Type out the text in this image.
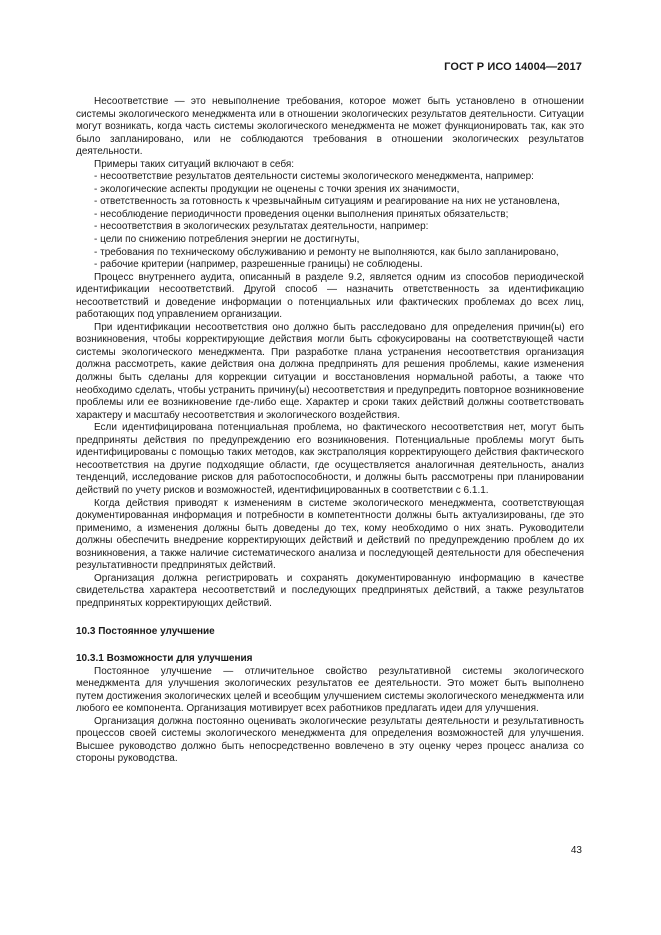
ГОСТ Р ИСО 14004—2017

Несоответствие — это невыполнение требования, которое может быть установлено в отношении системы экологического менеджмента или в отношении экологических результатов деятельности. Ситуации могут возникать, когда часть системы экологического менеджмента не может функционировать так, как это было запланировано, или не соблюдаются требования в отношении экологических результатов деятельности.

Примеры таких ситуаций включают в себя:

- несоответствие результатов деятельности системы экологического менеджмента, например:

- экологические аспекты продукции не оценены с точки зрения их значимости,

- ответственность за готовность к чрезвычайным ситуациям и реагирование на них не установлена,

- несоблюдение периодичности проведения оценки выполнения принятых обязательств;

- несоответствия в экологических результатах деятельности, например:

- цели по снижению потребления энергии не достигнуты,

- требования по техническому обслуживанию и ремонту не выполняются, как было запланировано,

- рабочие критерии (например, разрешенные границы) не соблюдены.

Процесс внутреннего аудита, описанный в разделе 9.2, является одним из способов периодической идентификации несоответствий. Другой способ — назначить ответственность за идентификацию несоответствий и доведение информации о потенциальных или фактических проблемах до всех лиц, работающих под управлением организации.

При идентификации несоответствия оно должно быть расследовано для определения причин(ы) его возникновения, чтобы корректирующие действия могли быть сфокусированы на соответствующей части системы экологического менеджмента. При разработке плана устранения несоответствия организация должна рассмотреть, какие действия она должна предпринять для решения проблемы, какие изменения должны быть сделаны для коррекции ситуации и восстановления нормальной работы, а также что необходимо сделать, чтобы устранить причину(ы) несоответствия и предупредить повторное возникновение проблемы или ее возникновение где-либо еще. Характер и сроки таких действий должны соответствовать характеру и масштабу несоответствия и экологического воздействия.

Если идентифицирована потенциальная проблема, но фактического несоответствия нет, могут быть предприняты действия по предупреждению его возникновения. Потенциальные проблемы могут быть идентифицированы с помощью таких методов, как экстраполяция корректирующего действия фактического несоответствия на другие подходящие области, где осуществляется аналогичная деятельность, анализ тенденций, исследование рисков для работоспособности, и должны быть рассмотрены при планировании действий по учету рисков и возможностей, идентифицированных в соответствии с 6.1.1.

Когда действия приводят к изменениям в системе экологического менеджмента, соответствующая документированная информация и потребности в компетентности должны быть актуализированы, где это применимо, а изменения должны быть доведены до тех, кому необходимо о них знать. Руководители должны обеспечить внедрение корректирующих действий и действий по предупреждению проблем до их возникновения, а также наличие систематического анализа и последующей деятельности для обеспечения результативности предпринятых действий.

Организация должна регистрировать и сохранять документированную информацию в качестве свидетельства характера несоответствий и последующих предпринятых действий, а также результатов предпринятых корректирующих действий.

10.3 Постоянное улучшение

10.3.1 Возможности для улучшения

Постоянное улучшение — отличительное свойство результативной системы экологического менеджмента для улучшения экологических результатов ее деятельности. Это может быть выполнено путем достижения экологических целей и всеобщим улучшением системы экологического менеджмента или любого ее компонента. Организация мотивирует всех работников предлагать идеи для улучшения.

Организация должна постоянно оценивать экологические результаты деятельности и результативность процессов своей системы экологического менеджмента для определения возможностей для улучшения. Высшее руководство должно быть непосредственно вовлечено в эту оценку через процесс анализа со стороны руководства.

43
